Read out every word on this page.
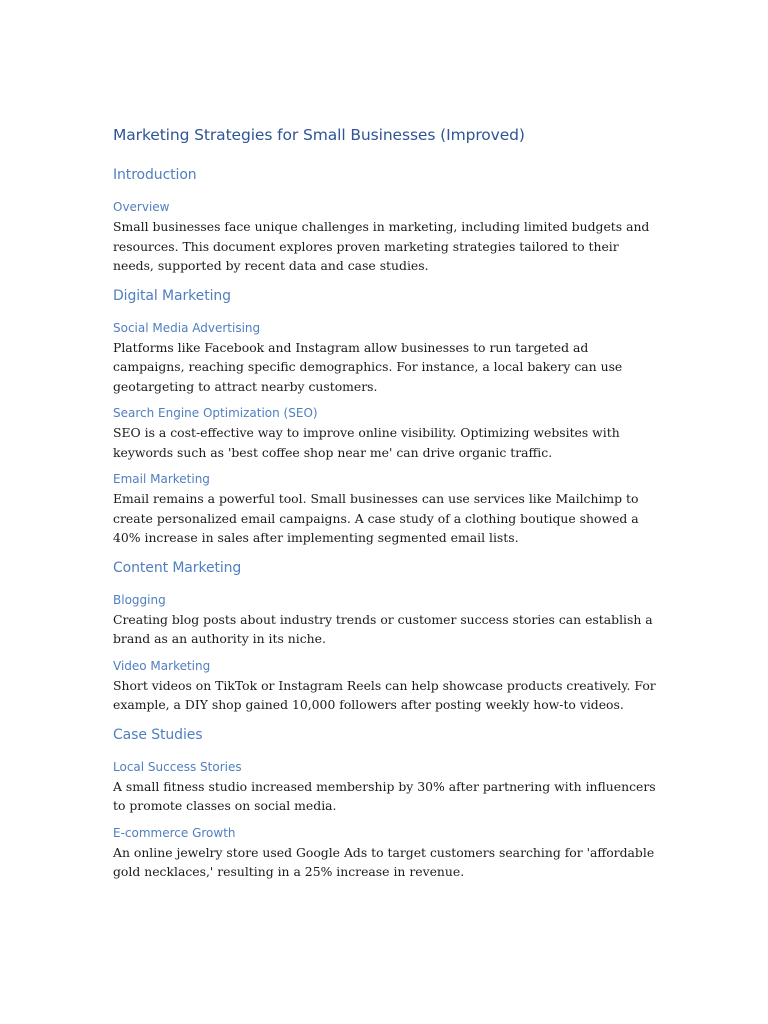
Marketing Strategies for Small Businesses (Improved)
Introduction
Overview

Small businesses face unique challenges in marketing, including limited budgets and resources. This document explores proven marketing strategies tailored to their needs, supported by recent data and case studies.

Digital Marketing
Social Media Advertising

Platforms like Facebook and Instagram allow businesses to run targeted ad campaigns, reaching specific demographics. For instance, a local bakery can use geotargeting to attract nearby customers.

Search Engine Optimization (SEO)

SEO is a cost-effective way to improve online visibility. Optimizing websites with keywords such as 'best coffee shop near me' can drive organic traffic.

Email Marketing

Email remains a powerful tool. Small businesses can use services like Mailchimp to create personalized email campaigns. A case study of a clothing boutique showed a 40% increase in sales after implementing segmented email lists.

Content Marketing
Blogging

Creating blog posts about industry trends or customer success stories can establish a brand as an authority in its niche.

Video Marketing

Short videos on TikTok or Instagram Reels can help showcase products creatively. For example, a DIY shop gained 10,000 followers after posting weekly how-to videos.

Case Studies
Local Success Stories

A small fitness studio increased membership by 30% after partnering with influencers to promote classes on social media.

E-commerce Growth

An online jewelry store used Google Ads to target customers searching for 'affordable gold necklaces,' resulting in a 25% increase in revenue.
